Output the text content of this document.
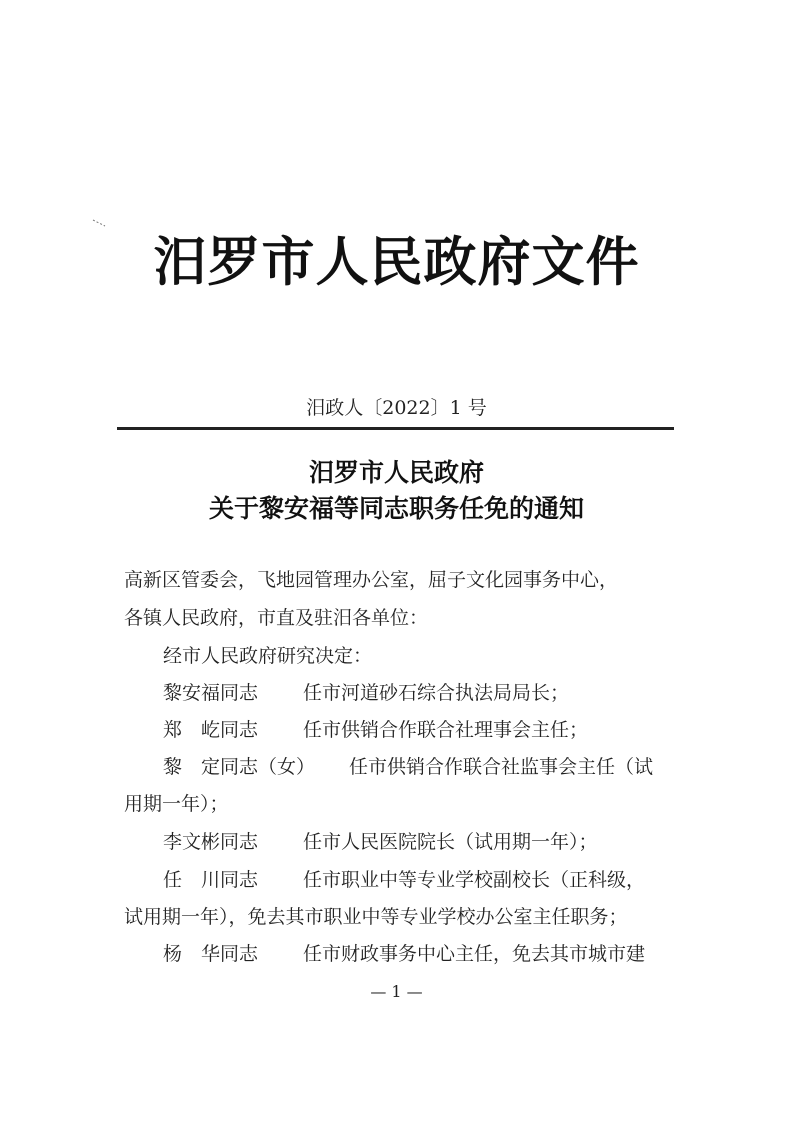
汨罗市人民政府文件
汨政人〔2022〕1 号
汨罗市人民政府
关于黎安福等同志职务任免的通知
高新区管委会，飞地园管理办公室，屈子文化园事务中心，
各镇人民政府，市直及驻汨各单位：
经市人民政府研究决定：
黎安福同志 任市河道砂石综合执法局局长；
郑　屹同志 任市供销合作联合社理事会主任；
黎　定同志（女） 任市供销合作联合社监事会主任（试
用期一年）；
李文彬同志 任市人民医院院长（试用期一年）；
任　川同志 任市职业中等专业学校副校长（正科级，
试用期一年），免去其市职业中等专业学校办公室主任职务；
杨　华同志 任市财政事务中心主任，免去其市城市建
— 1 —
